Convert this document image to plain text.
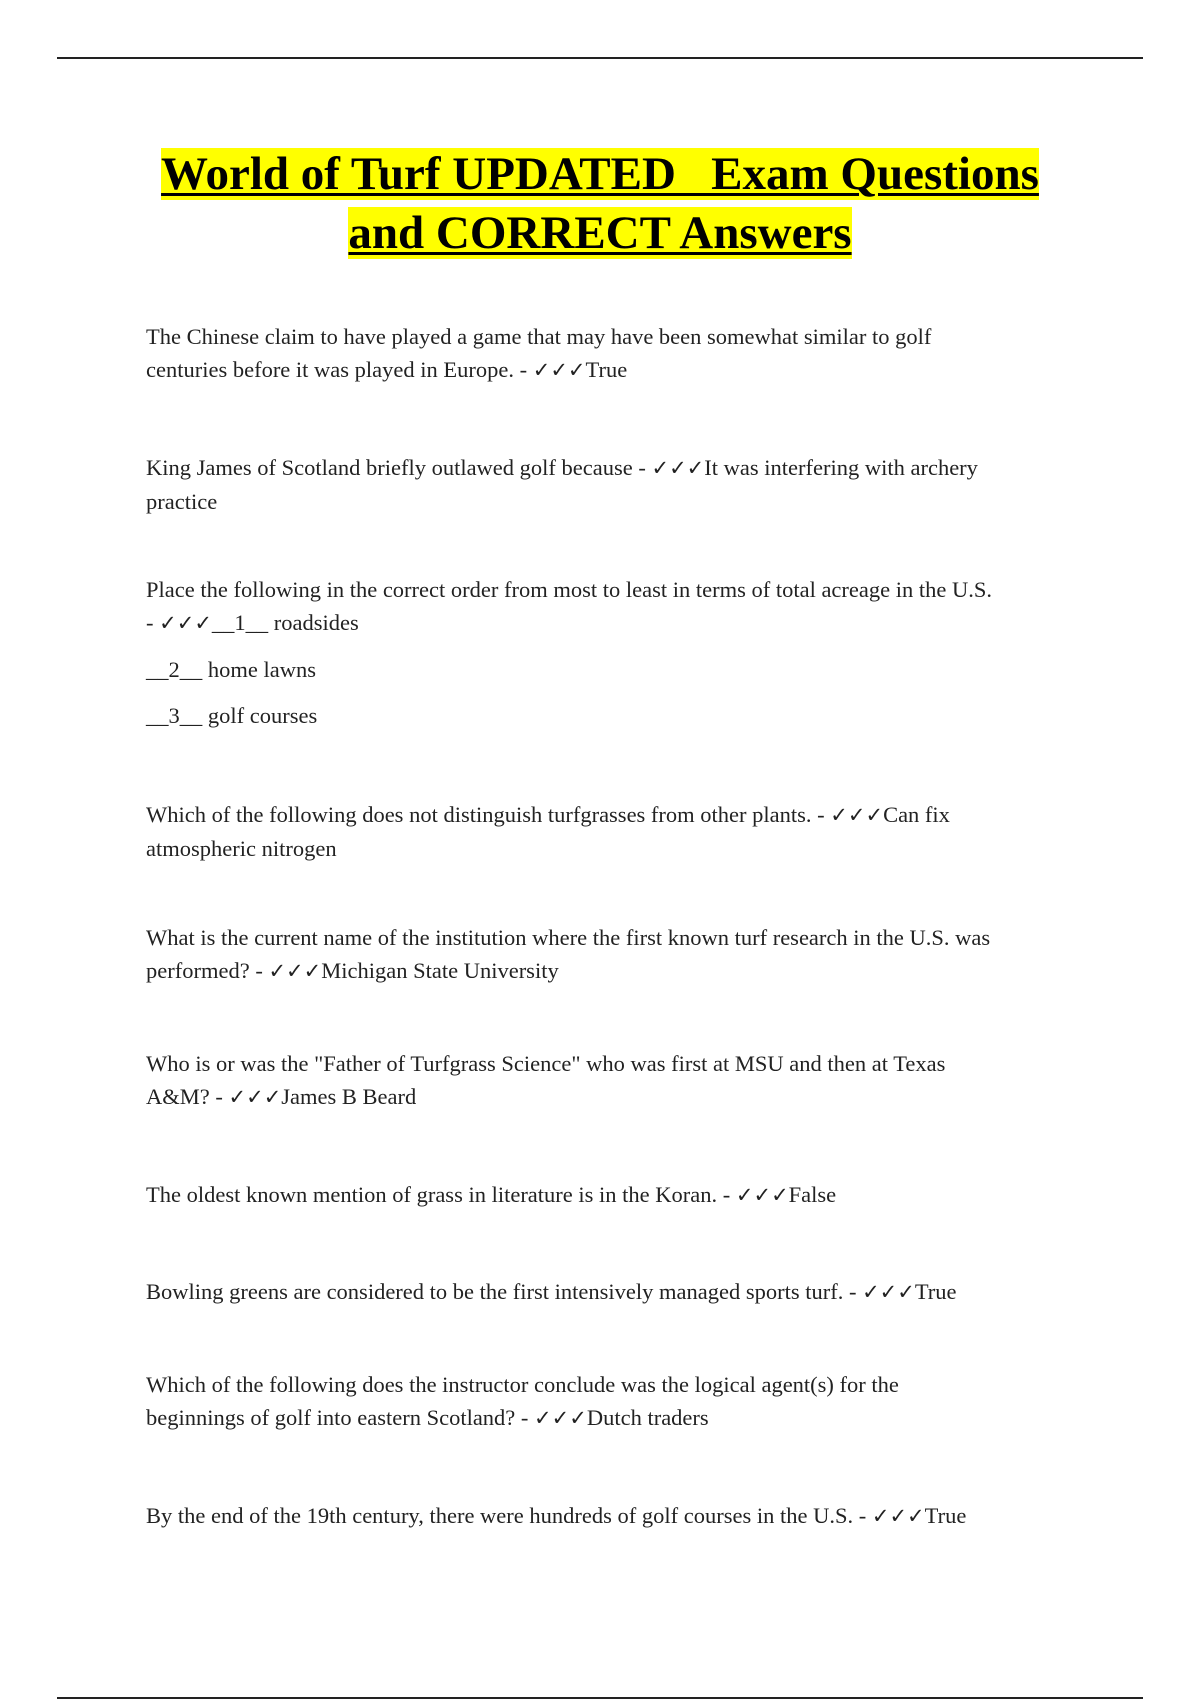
World of Turf UPDATED   Exam Questions
and CORRECT Answers
The Chinese claim to have played a game that may have been somewhat similar to golf
centuries before it was played in Europe. - ✓✓✓True
King James of Scotland briefly outlawed golf because - ✓✓✓It was interfering with archery
practice
Place the following in the correct order from most to least in terms of total acreage in the U.S.
- ✓✓✓__1__ roadsides
__2__ home lawns
__3__ golf courses
Which of the following does not distinguish turfgrasses from other plants. - ✓✓✓Can fix
atmospheric nitrogen
What is the current name of the institution where the first known turf research in the U.S. was
performed? - ✓✓✓Michigan State University
Who is or was the "Father of Turfgrass Science" who was first at MSU and then at Texas
A&M? - ✓✓✓James B Beard
The oldest known mention of grass in literature is in the Koran. - ✓✓✓False
Bowling greens are considered to be the first intensively managed sports turf. - ✓✓✓True
Which of the following does the instructor conclude was the logical agent(s) for the
beginnings of golf into eastern Scotland? - ✓✓✓Dutch traders
By the end of the 19th century, there were hundreds of golf courses in the U.S. - ✓✓✓True
